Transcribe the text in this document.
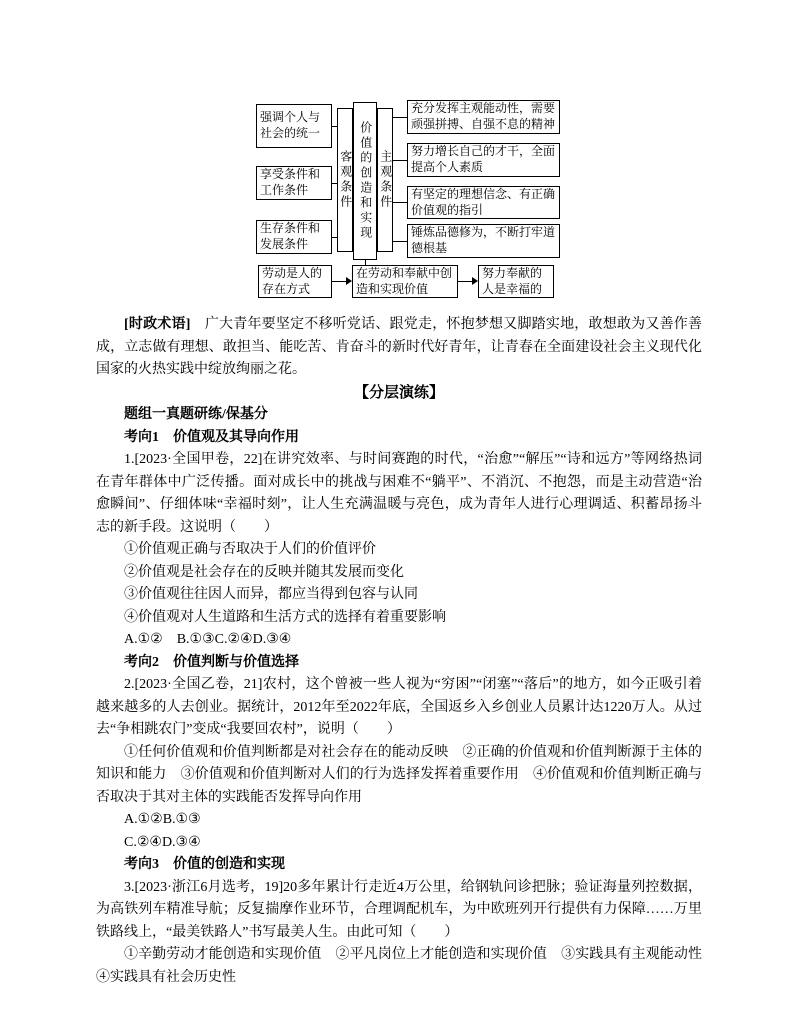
强调个人与社会的统一
享受条件和工作条件
生存条件和发展条件
客观条件 价值的创造和实现 主观条件
充分发挥主观能动性，需要顽强拼搏、自强不息的精神
努力增长自己的才干，全面提高个人素质
有坚定的理想信念、有正确价值观的指引
锤炼品德修为，不断打牢道德根基
劳动是人的存在方式
在劳动和奉献中创造和实现价值
努力奉献的人是幸福的

[时政术语]　广大青年要坚定不移听党话、跟党走，怀抱梦想又脚踏实地，敢想敢为又善作善成，立志做有理想、敢担当、能吃苦、肯奋斗的新时代好青年，让青春在全面建设社会主义现代化国家的火热实践中绽放绚丽之花。

【分层演练】

题组一真题研练/保基分

考向1　价值观及其导向作用

1.[2023·全国甲卷，22]在讲究效率、与时间赛跑的时代，“治愈”“解压”“诗和远方”等网络热词在青年群体中广泛传播。面对成长中的挑战与困难不“躺平”、不消沉、不抱怨，而是主动营造“治愈瞬间”、仔细体味“幸福时刻”，让人生充满温暖与亮色，成为青年人进行心理调适、积蓄昂扬斗志的新手段。这说明（　　）

①价值观正确与否取决于人们的价值评价

②价值观是社会存在的反映并随其发展而变化

③价值观往往因人而异，都应当得到包容与认同

④价值观对人生道路和生活方式的选择有着重要影响

A.①②　B.①③C.②④D.③④

考向2　价值判断与价值选择

2.[2023·全国乙卷，21]农村，这个曾被一些人视为“穷困”“闭塞”“落后”的地方，如今正吸引着越来越多的人去创业。据统计，2012年至2022年底，全国返乡入乡创业人员累计达1220万人。从过去“争相跳农门”变成“我要回农村”，说明（　　）

①任何价值观和价值判断都是对社会存在的能动反映　②正确的价值观和价值判断源于主体的知识和能力　③价值观和价值判断对人们的行为选择发挥着重要作用　④价值观和价值判断正确与否取决于其对主体的实践能否发挥导向作用

A.①②B.①③

C.②④D.③④

考向3　价值的创造和实现

3.[2023·浙江6月选考，19]20多年累计行走近4万公里，给钢轨问诊把脉；验证海量列控数据，为高铁列车精准导航；反复揣摩作业环节，合理调配机车，为中欧班列开行提供有力保障……万里铁路线上，“最美铁路人”书写最美人生。由此可知（　　）

①辛勤劳动才能创造和实现价值　②平凡岗位上才能创造和实现价值　③实践具有主观能动性　④实践具有社会历史性
